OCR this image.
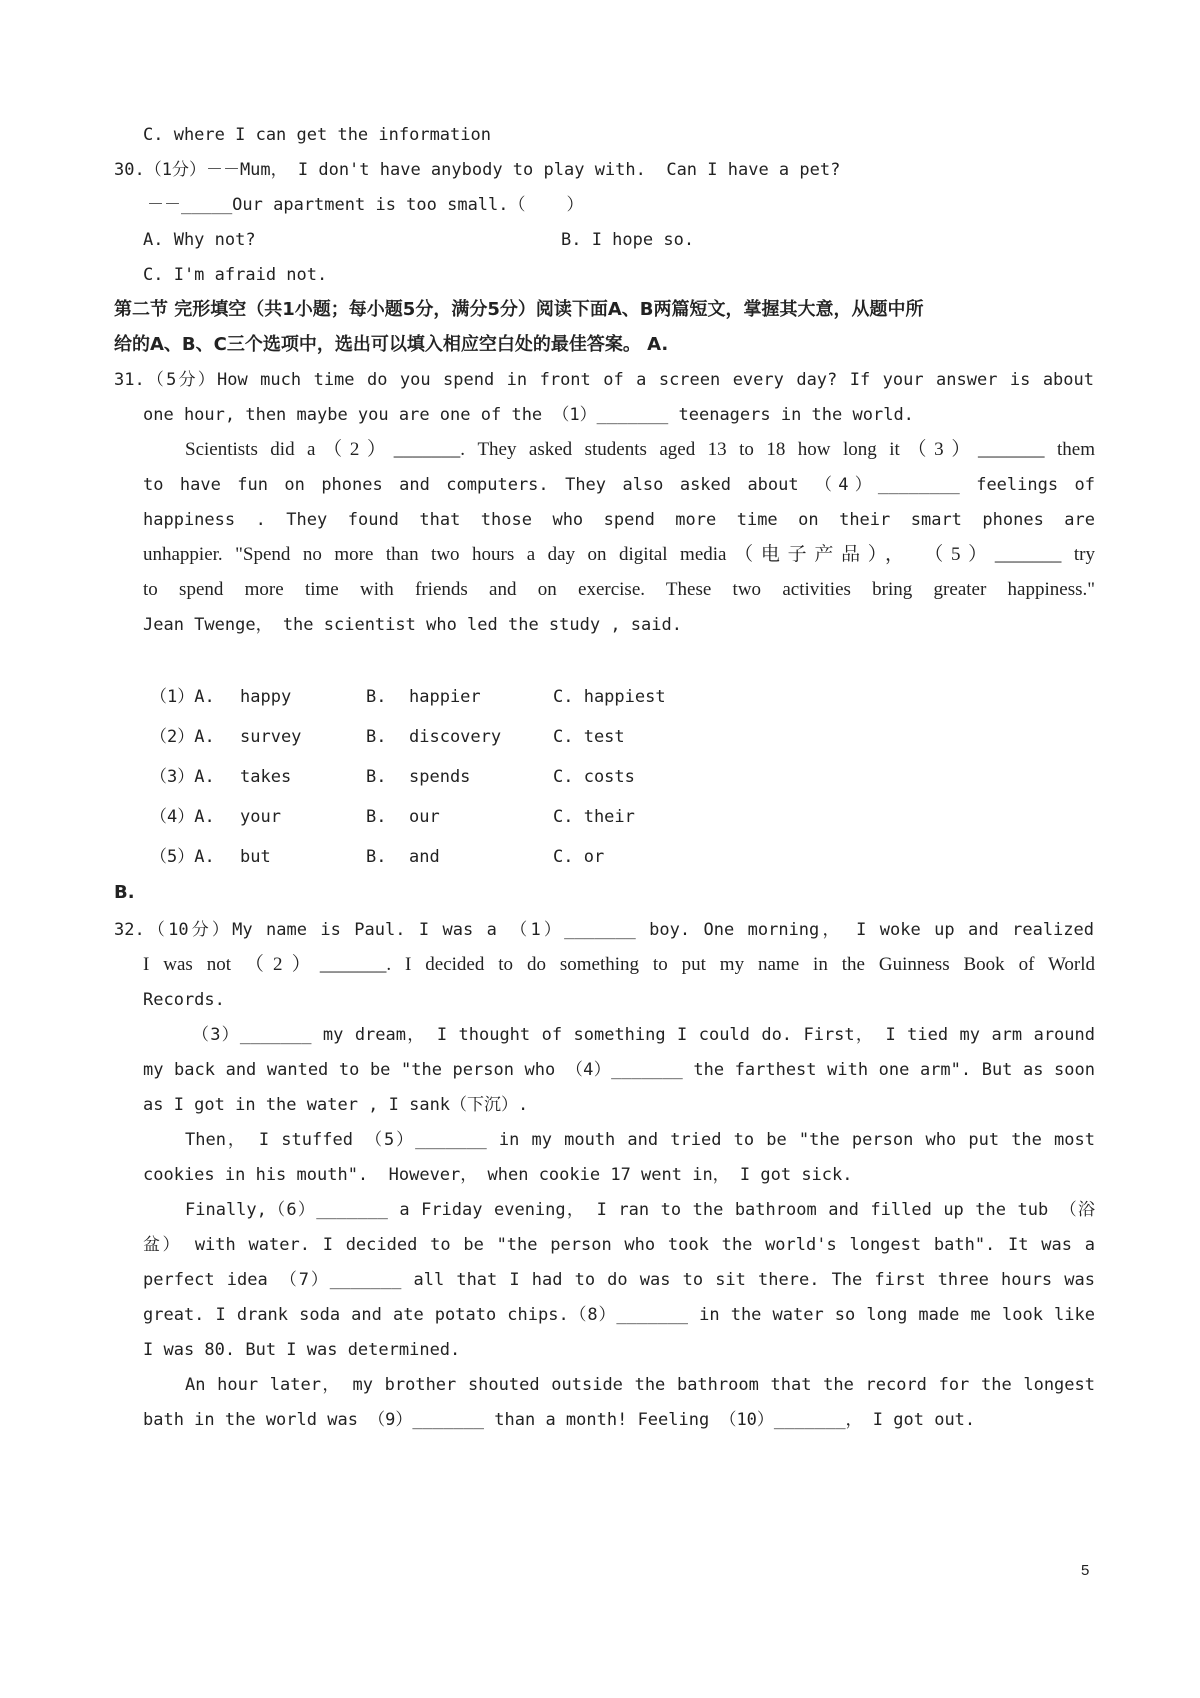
C. where I can get the information
30.（1分）－－Mum， I don't have anybody to play with.  Can I have a pet?
－－_____Our apartment is too small.（    ）
A. Why not?	B. I hope so.
C. I'm afraid not.
第二节 完形填空（共1小题；每小题5分，满分5分）阅读下面A、B两篇短文，掌握其大意，从题中所
给的A、B、C三个选项中，选出可以填入相应空白处的最佳答案。 A.
31.（5分）How much time do you spend in front of a screen every day? If your answer is about
one hour, then maybe you are one of the （1）_______ teenagers in the world.
Scientists did a（2）_______. They asked students aged 13 to 18 how long it（3）_______ them
to have fun on phones and computers. They also asked about （4）________ feelings of
happiness . They found that those who spend more time on their smart phones are
unhappier. "Spend no more than two hours a day on digital media（电子产品）， （5）_______ try
to spend more time with friends and on exercise. These two activities bring greater happiness."
Jean Twenge， the scientist who led the study , said.
（1）A. happy	B. happier	C. happiest
（2）A. survey	B. discovery	C. test
（3）A. takes	B. spends	C. costs
（4）A. your	B. our	C. their
（5）A. but	B. and	C. or
B.
32.（10分）My name is Paul. I was a （1）_______ boy. One morning， I woke up and realized
I was not （2）_______. I decided to do something to put my name in the Guinness Book of World
Records.
（3）_______ my dream， I thought of something I could do. First， I tied my arm around
my back and wanted to be "the person who （4）_______ the farthest with one arm". But as soon
as I got in the water , I sank（下沉）.
Then， I stuffed （5）_______ in my mouth and tried to be "the person who put the most
cookies in his mouth".  However， when cookie 17 went in， I got sick.
Finally,（6）_______ a Friday evening， I ran to the bathroom and filled up the tub （浴
盆） with water. I decided to be "the person who took the world's longest bath". It was a
perfect idea （7）_______ all that I had to do was to sit there. The first three hours was
great. I drank soda and ate potato chips.（8）_______ in the water so long made me look like
I was 80. But I was determined.
An hour later， my brother shouted outside the bathroom that the record for the longest
bath in the world was （9）_______ than a month! Feeling （10）_______， I got out.
5
